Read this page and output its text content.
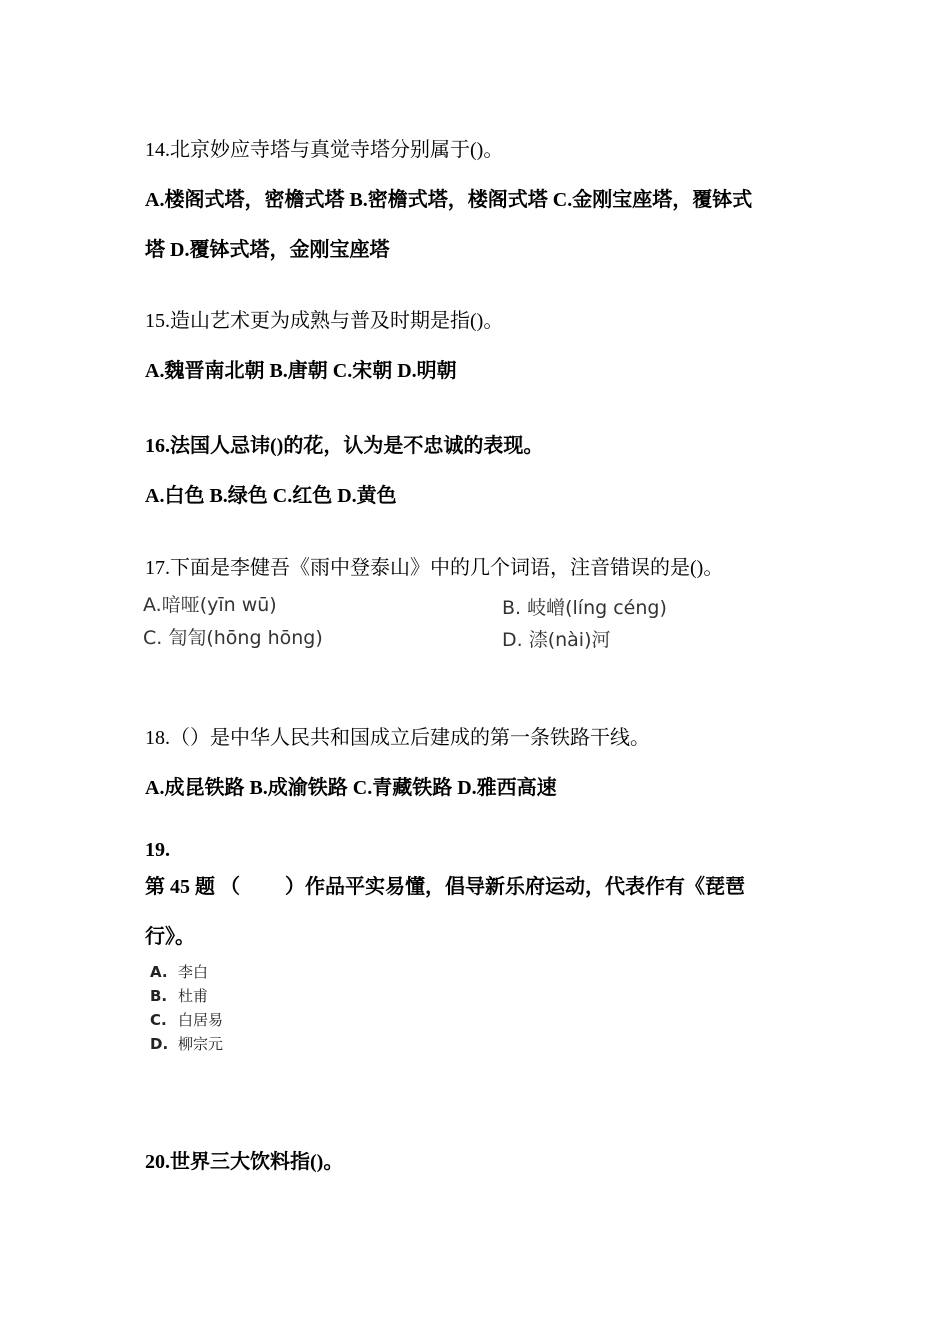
14.北京妙应寺塔与真觉寺塔分别属于()。
A.楼阁式塔，密檐式塔 B.密檐式塔，楼阁式塔 C.金刚宝座塔，覆钵式
塔 D.覆钵式塔，金刚宝座塔
15.造山艺术更为成熟与普及时期是指()。
A.魏晋南北朝 B.唐朝 C.宋朝 D.明朝
16.法国人忌讳()的花，认为是不忠诚的表现。
A.白色 B.绿色 C.红色 D.黄色
17.下面是李健吾《雨中登泰山》中的几个词语，注音错误的是()。
A.喑哑(yīn wū)	B. 岐嶒(líng céng)
C. 訇訇(hōng hōng)	D. 渿(nài)河
18.（）是中华人民共和国成立后建成的第一条铁路干线。
A.成昆铁路 B.成渝铁路 C.青藏铁路 D.雅西高速
19.
第 45 题 （　　 ）作品平实易懂，倡导新乐府运动，代表作有《琵琶
行》。
A. 李白
B. 杜甫
C. 白居易
D. 柳宗元
20.世界三大饮料指()。
